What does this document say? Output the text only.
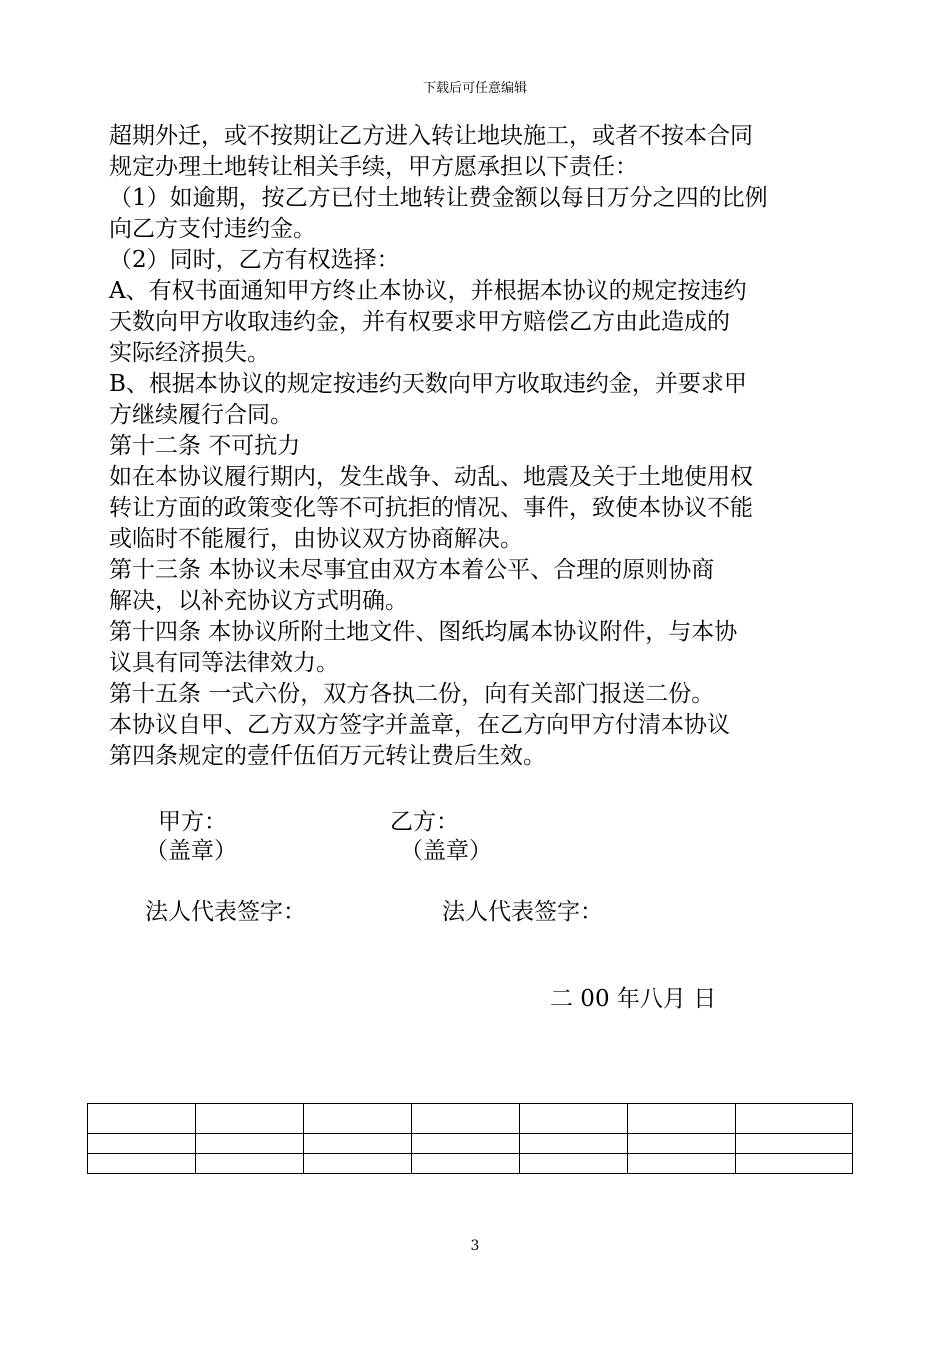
下载后可任意编辑
超期外迁，或不按期让乙方进入转让地块施工，或者不按本合同
规定办理土地转让相关手续，甲方愿承担以下责任：
（1）如逾期，按乙方已付土地转让费金额以每日万分之四的比例
向乙方支付违约金。
（2）同时，乙方有权选择：
A、有权书面通知甲方终止本协议，并根据本协议的规定按违约
天数向甲方收取违约金，并有权要求甲方赔偿乙方由此造成的
实际经济损失。
B、根据本协议的规定按违约天数向甲方收取违约金，并要求甲
方继续履行合同。
第十二条 不可抗力
如在本协议履行期内，发生战争、动乱、地震及关于土地使用权
转让方面的政策变化等不可抗拒的情况、事件，致使本协议不能
或临时不能履行，由协议双方协商解决。
第十三条 本协议未尽事宜由双方本着公平、合理的原则协商
解决，以补充协议方式明确。
第十四条 本协议所附土地文件、图纸均属本协议附件，与本协
议具有同等法律效力。
第十五条 一式六份，双方各执二份，向有关部门报送二份。
本协议自甲、乙方双方签字并盖章，在乙方向甲方付清本协议
第四条规定的壹仟伍佰万元转让费后生效。
甲方：	乙方：
（盖章）	（盖章）
法人代表签字：	法人代表签字：
二 00 年八月 日

3
